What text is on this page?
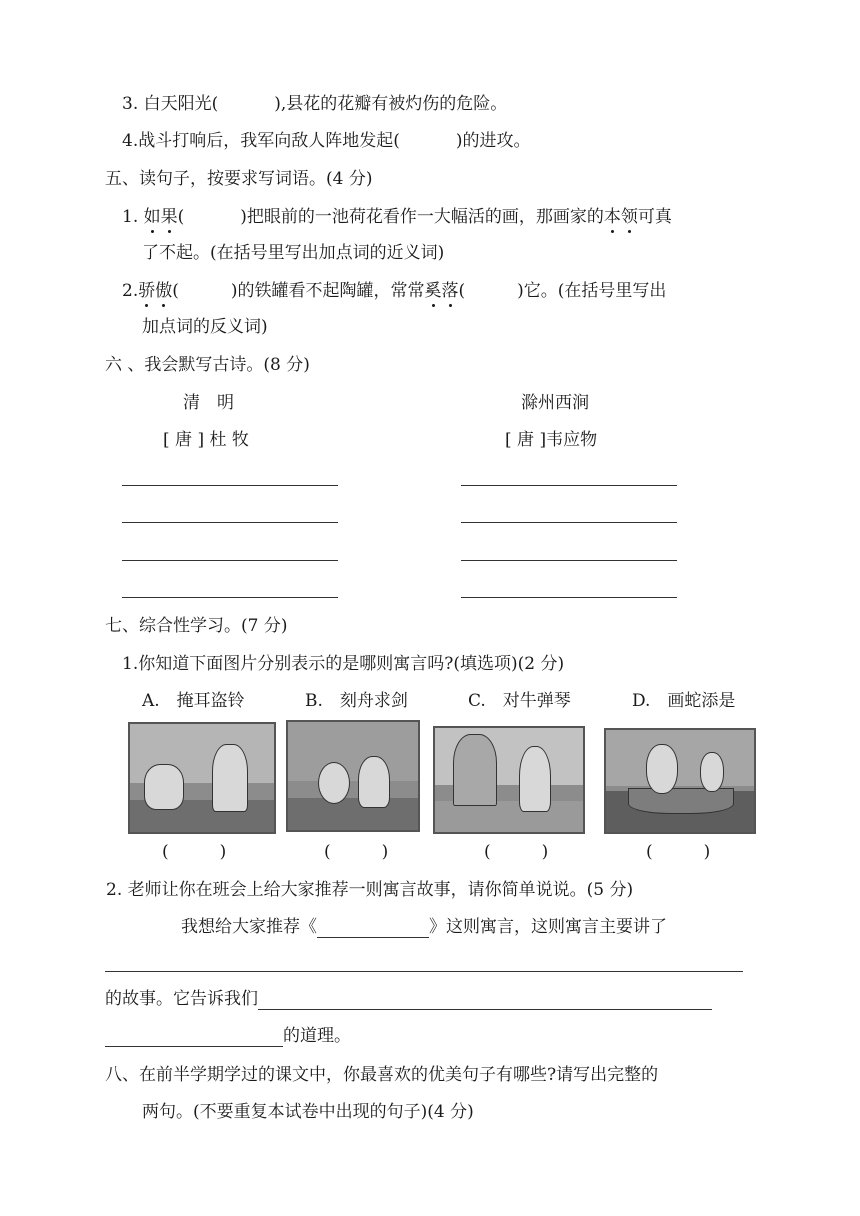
3. 白天阳光(	),县花的花瓣有被灼伤的危险。
4.战斗打响后，我军向敌人阵地发起(	)的进攻。
五、读句子，按要求写词语。(4 分)
1. 如果(	)把眼前的一池荷花看作一大幅活的画，那画家的本领可真
了不起。(在括号里写出加点词的近义词)
2.骄傲(	)的铁罐看不起陶罐，常常奚落(	)它。(在括号里写出
加点词的反义词)
六 、我会默写古诗。(8 分)
清　明
[ 唐 ] 杜 牧
滁州西涧
[ 唐 ]韦应物
七、综合性学习。(7 分)
1.你知道下面图片分别表示的是哪则寓言吗?(填选项)(2 分)
A.　掩耳盗铃	B.　刻舟求剑	C.　对牛弹琴	D.　画蛇添是
(　　　)	(　　　)	(　　　)	(　　　)
2. 老师让你在班会上给大家推荐一则寓言故事，请你简单说说。(5 分)
我想给大家推荐《	》这则寓言，这则寓言主要讲了
的故事。它告诉我们
的道理。
八、在前半学期学过的课文中，你最喜欢的优美句子有哪些?请写出完整的
两句。(不要重复本试卷中出现的句子)(4 分)
